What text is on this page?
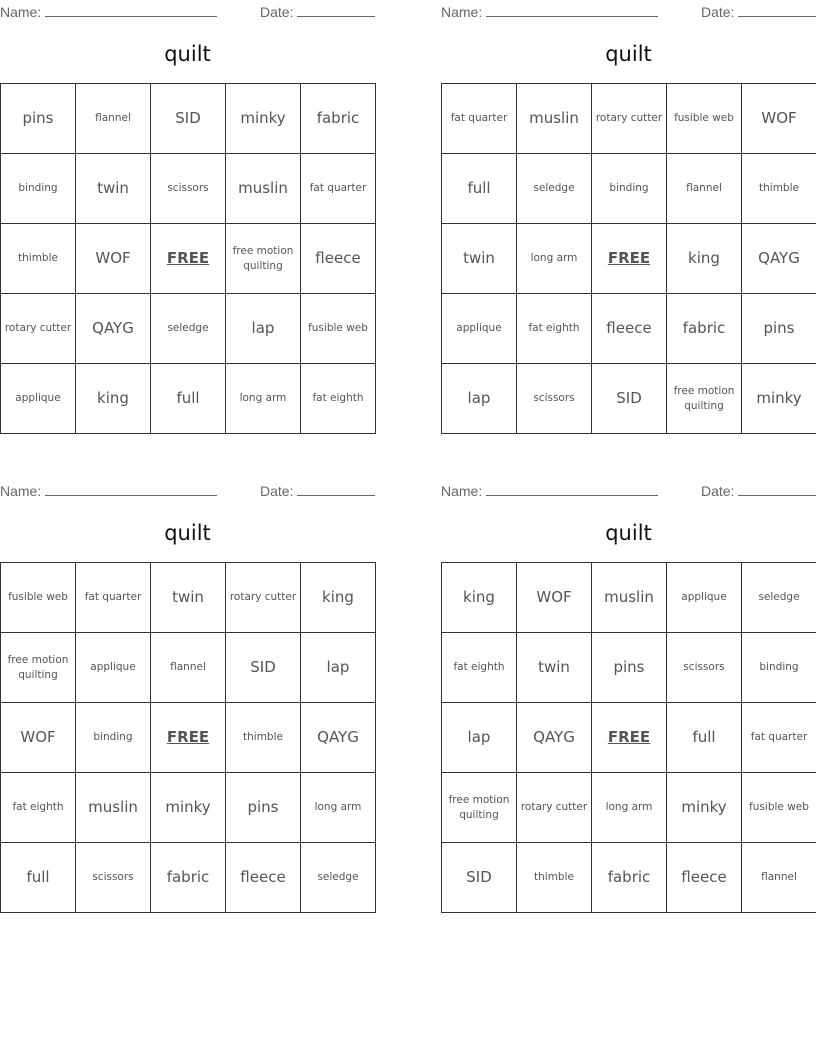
Name:	Date:
quilt
pins	flannel	SID	minky	fabric
binding	twin	scissors	muslin	fat quarter
thimble	WOF	FREE	free motion quilting	fleece
rotary cutter	QAYG	seledge	lap	fusible web
applique	king	full	long arm	fat eighth
Name:	Date:
quilt
fat quarter	muslin	rotary cutter	fusible web	WOF
full	seledge	binding	flannel	thimble
twin	long arm	FREE	king	QAYG
applique	fat eighth	fleece	fabric	pins
lap	scissors	SID	free motion quilting	minky
Name:	Date:
quilt
fusible web	fat quarter	twin	rotary cutter	king
free motion quilting	applique	flannel	SID	lap
WOF	binding	FREE	thimble	QAYG
fat eighth	muslin	minky	pins	long arm
full	scissors	fabric	fleece	seledge
Name:	Date:
quilt
king	WOF	muslin	applique	seledge
fat eighth	twin	pins	scissors	binding
lap	QAYG	FREE	full	fat quarter
free motion quilting	rotary cutter	long arm	minky	fusible web
SID	thimble	fabric	fleece	flannel
